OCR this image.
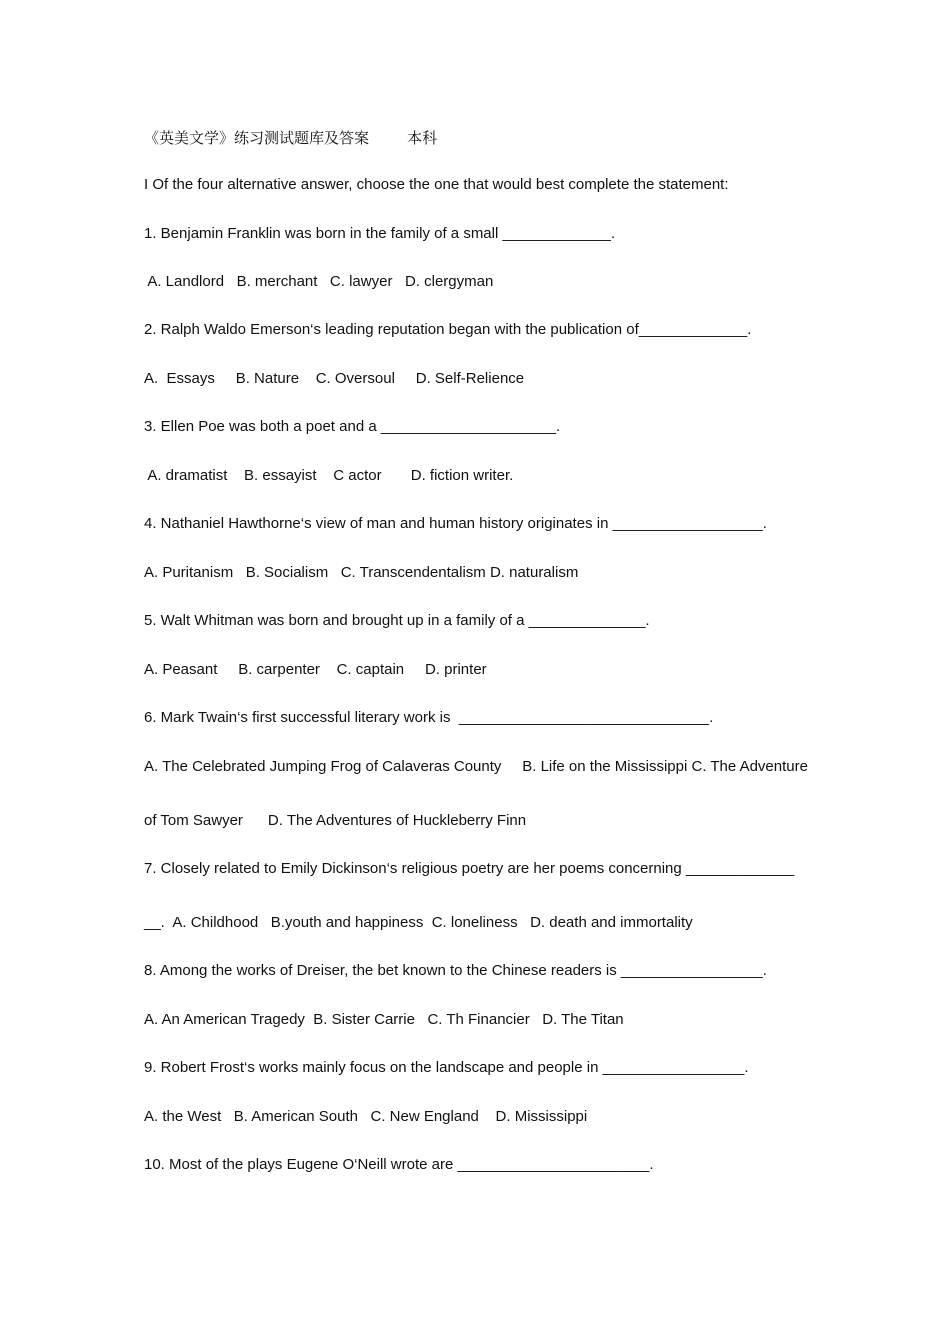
《英美文学》练习测试题库及答案        本科
I Of the four alternative answer, choose the one that would best complete the statement:
1. Benjamin Franklin was born in the family of a small _____________.
A. Landlord   B. merchant   C. lawyer   D. clergyman
2. Ralph Waldo Emerson‘s leading reputation began with the publication of_____________.
A.  Essays     B. Nature    C. Oversoul     D. Self-Relience
3. Ellen Poe was both a poet and a _____________________.
A. dramatist    B. essayist    C actor       D. fiction writer.
4. Nathaniel Hawthorne‘s view of man and human history originates in __________________.
A. Puritanism   B. Socialism   C. Transcendentalism D. naturalism
5. Walt Whitman was born and brought up in a family of a ______________.
A. Peasant     B. carpenter    C. captain     D. printer
6. Mark Twain‘s first successful literary work is  ______________________________.
A. The Celebrated Jumping Frog of Calaveras County     B. Life on the Mississippi C. The Adventure
of Tom Sawyer      D. The Adventures of Huckleberry Finn
7. Closely related to Emily Dickinson‘s religious poetry are her poems concerning _____________
__.  A. Childhood   B.youth and happiness  C. loneliness   D. death and immortality
8. Among the works of Dreiser, the bet known to the Chinese readers is _________________.
A. An American Tragedy  B. Sister Carrie   C. Th Financier   D. The Titan
9. Robert Frost‘s works mainly focus on the landscape and people in _________________.
A. the West   B. American South   C. New England    D. Mississippi
10. Most of the plays Eugene O‘Neill wrote are _______________________.
